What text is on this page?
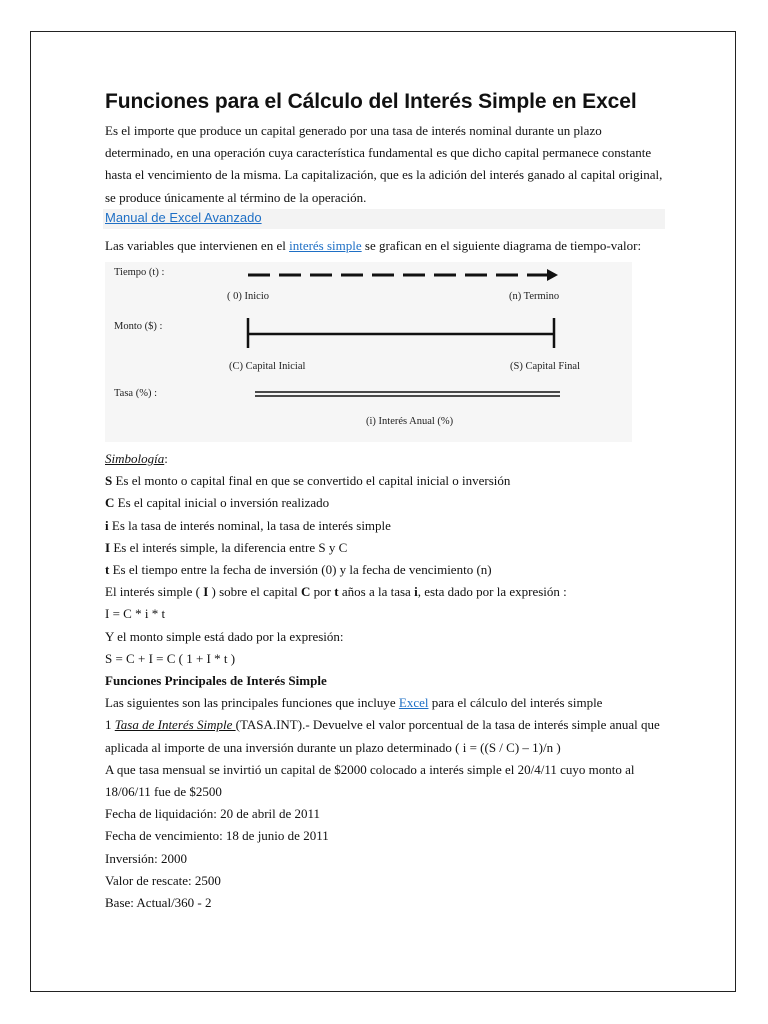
Funciones para el Cálculo del Interés Simple en Excel

Es el importe que produce un capital generado por una tasa de interés nominal durante un plazo determinado, en una operación cuya característica fundamental es que dicho capital permanece constante hasta el vencimiento de la misma. La capitalización, que es la adición del interés ganado al capital original, se produce únicamente al término de la operación.

Manual de Excel Avanzado

Las variables que intervienen en el interés simple se grafican en el siguiente diagrama de tiempo-valor:

Tiempo (t) :
( 0) Inicio	(n) Termino
Monto ($) :
(C) Capital Inicial	(S) Capital Final
Tasa (%) :
(i) Interés Anual (%)

Simbología:

S Es el monto o capital final en que se convertido el capital inicial o inversión

C Es el capital inicial o inversión realizado

i Es la tasa de interés nominal, la tasa de interés simple

I Es el interés simple, la diferencia entre S y C

t Es el tiempo entre la fecha de inversión (0) y la fecha de vencimiento (n)

El interés simple ( I ) sobre el capital C por t años a la tasa i, esta dado por la expresión :

I = C * i * t

Y el monto simple está dado por la expresión:

S = C + I = C ( 1 + I * t )

Funciones Principales de Interés Simple

Las siguientes son las principales funciones que incluye Excel para el cálculo del interés simple

1 Tasa de Interés Simple (TASA.INT).- Devuelve el valor porcentual de la tasa de interés simple anual que aplicada al importe de una inversión durante un plazo determinado ( i = ((S / C) – 1)/n )

A que tasa mensual se invirtió un capital de $2000 colocado a interés simple el 20/4/11 cuyo monto al 18/06/11 fue de $2500

Fecha de liquidación: 20 de abril de 2011

Fecha de vencimiento: 18 de junio de 2011

Inversión: 2000

Valor de rescate: 2500

Base: Actual/360 - 2
